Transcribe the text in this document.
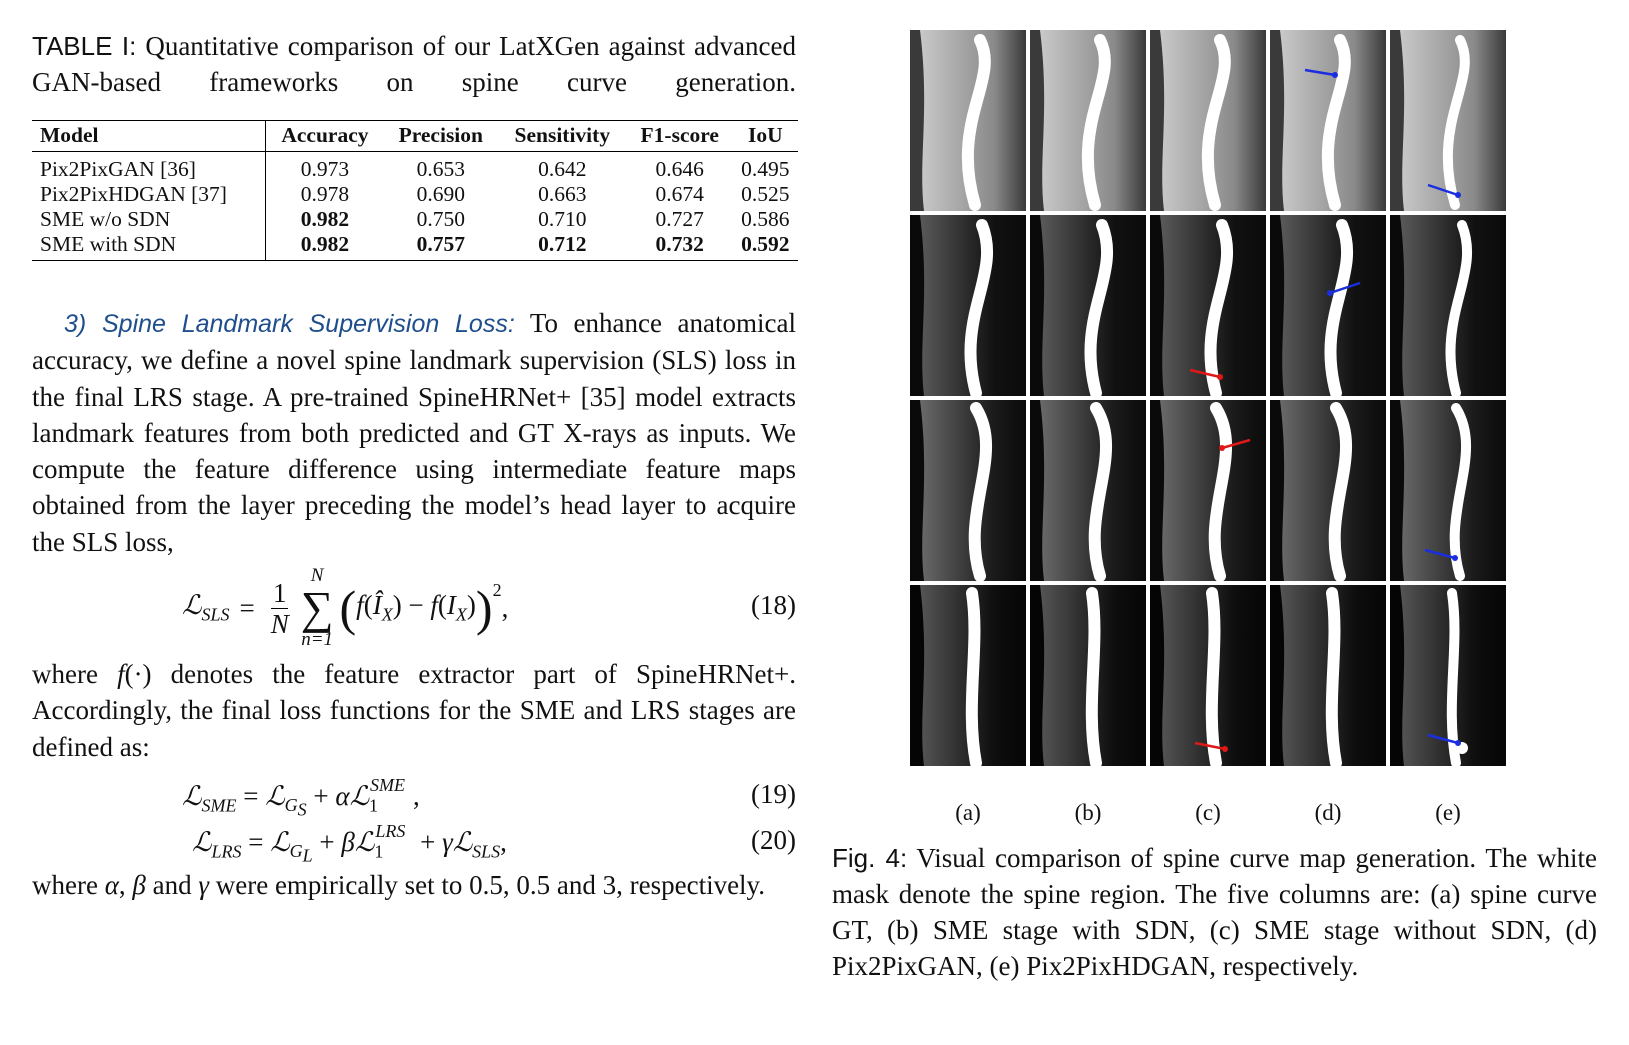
TABLE I: Quantitative comparison of our LatXGen against advanced GAN-based frameworks on spine curve generation.
Model	Accuracy	Precision	Sensitivity	F1-score	IoU
Pix2PixGAN [36]	0.973	0.653	0.642	0.646	0.495
Pix2PixHDGAN [37]	0.978	0.690	0.663	0.674	0.525
SME w/o SDN	0.982	0.750	0.710	0.727	0.586
SME with SDN	0.982	0.757	0.712	0.732	0.592

3) Spine Landmark Supervision Loss: To enhance anatomical accuracy, we define a novel spine landmark supervision (SLS) loss in the final LRS stage. A pre-trained SpineHRNet+ [35] model extracts landmark features from both predicted and GT X-rays as inputs. We compute the feature difference using intermediate feature maps obtained from the layer preceding the model’s head layer to acquire the SLS loss,

ℒ$_{SLS}$ = $\frac{1}{N}$
N
∑
n=1
( $f(Î_X) - f(I_X)$ )$^2$
,	(18)

where f(·) denotes the feature extractor part of SpineHRNet+. Accordingly, the final loss functions for the SME and LRS stages are defined as:

ℒ$_{SME}$ = ℒ$_{G_S}$ + αℒ$_1^{SME}$ ,	(19)
ℒ$_{LRS}$ = ℒ$_{G_L}$ + βℒ$_1^{LRS}$ + γℒ$_{SLS}$,	(20)

where α, β and γ were empirically set to 0.5, 0.5 and 3, respectively.

(a)	(b)	(c)	(d)	(e)
Fig. 4: Visual comparison of spine curve map generation. The white mask denote the spine region. The five columns are: (a) spine curve GT, (b) SME stage with SDN, (c) SME stage without SDN, (d) Pix2PixGAN, (e) Pix2PixHDGAN, respectively.
